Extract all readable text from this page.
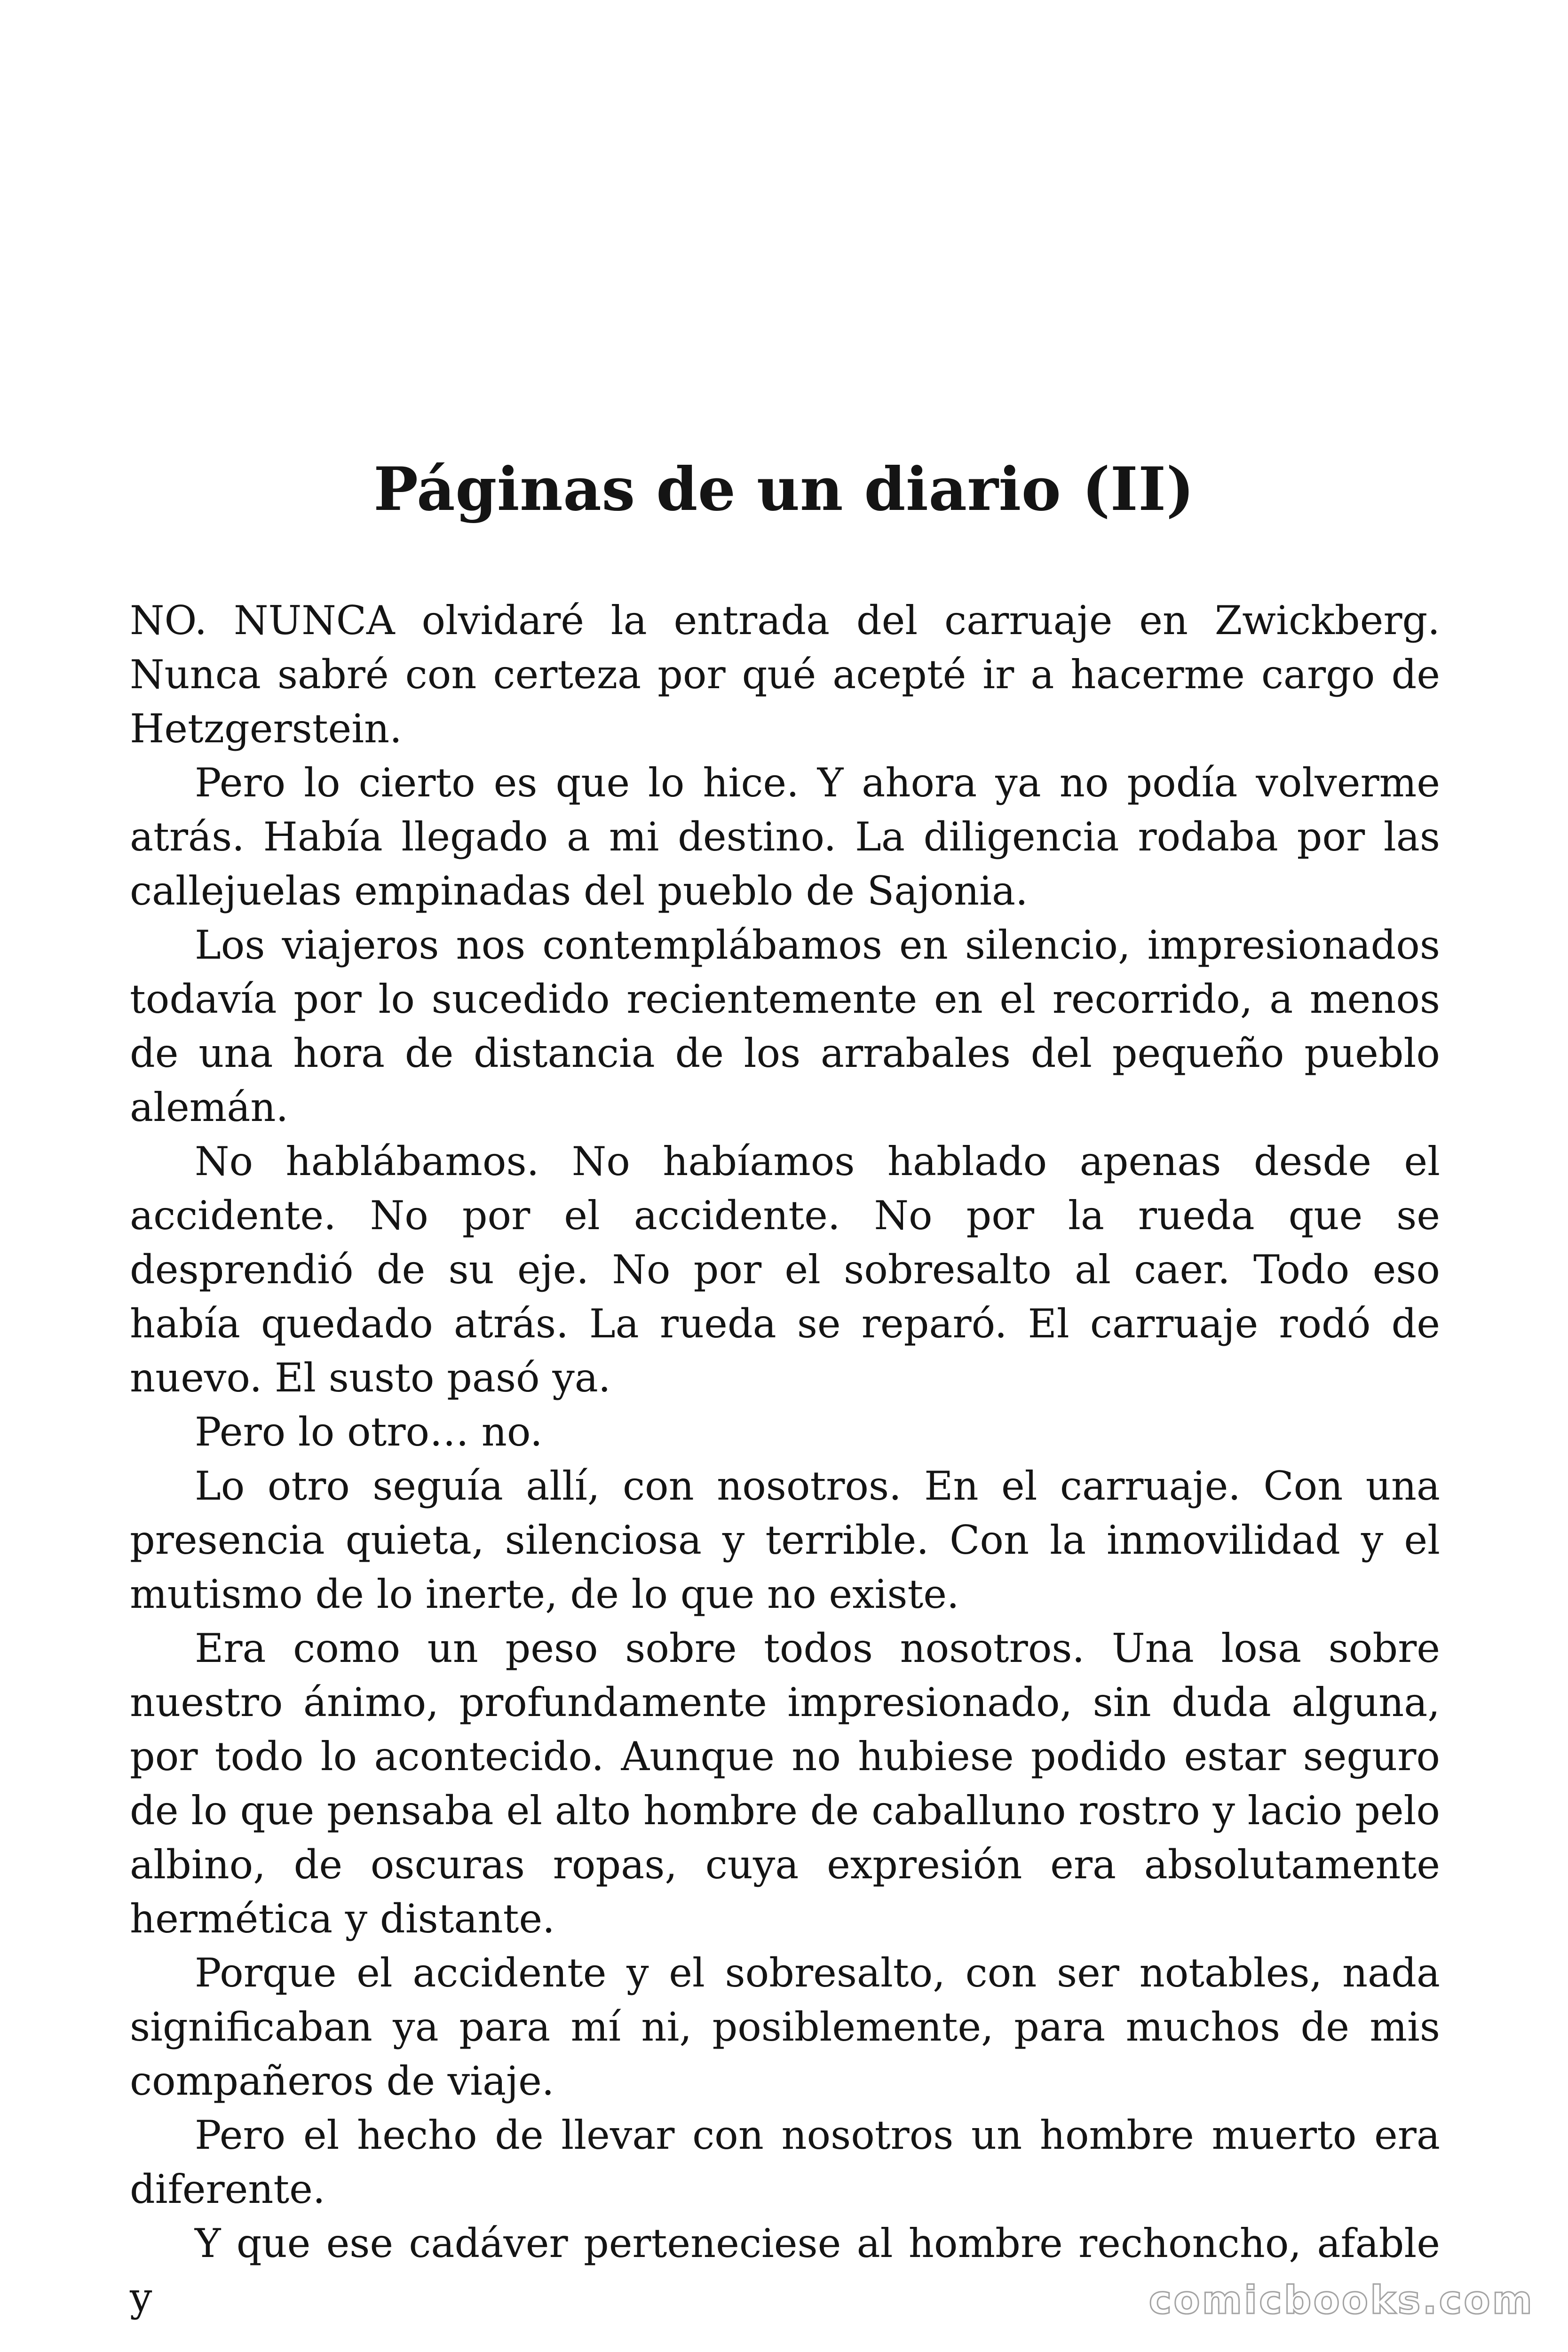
Páginas de un diario (II)

NO. NUNCA olvidaré la entrada del carruaje en Zwickberg. Nunca sabré con certeza por qué acepté ir a hacerme cargo de Hetzgerstein.

Pero lo cierto es que lo hice. Y ahora ya no podía volverme atrás. Había llegado a mi destino. La diligencia rodaba por las callejuelas empinadas del pueblo de Sajonia.

Los viajeros nos contemplábamos en silencio, impresionados todavía por lo sucedido recientemente en el recorrido, a menos de una hora de distancia de los arrabales del pequeño pueblo alemán.

No hablábamos. No habíamos hablado apenas desde el accidente. No por el accidente. No por la rueda que se desprendió de su eje. No por el sobresalto al caer. Todo eso había quedado atrás. La rueda se reparó. El carruaje rodó de nuevo. El susto pasó ya.

Pero lo otro… no.

Lo otro seguía allí, con nosotros. En el carruaje. Con una presencia quieta, silenciosa y terrible. Con la inmovilidad y el mutismo de lo inerte, de lo que no existe.

Era como un peso sobre todos nosotros. Una losa sobre nuestro ánimo, profundamente impresionado, sin duda alguna, por todo lo acontecido. Aunque no hubiese podido estar seguro de lo que pensaba el alto hombre de caballuno rostro y lacio pelo albino, de oscuras ropas, cuya expresión era absolutamente hermética y distante.

Porque el accidente y el sobresalto, con ser notables, nada significaban ya para mí ni, posiblemente, para muchos de mis compañeros de viaje.

Pero el hecho de llevar con nosotros un hombre muerto era diferente.

Y que ese cadáver perteneciese al hombre rechoncho, afable y	comicbooks.com
